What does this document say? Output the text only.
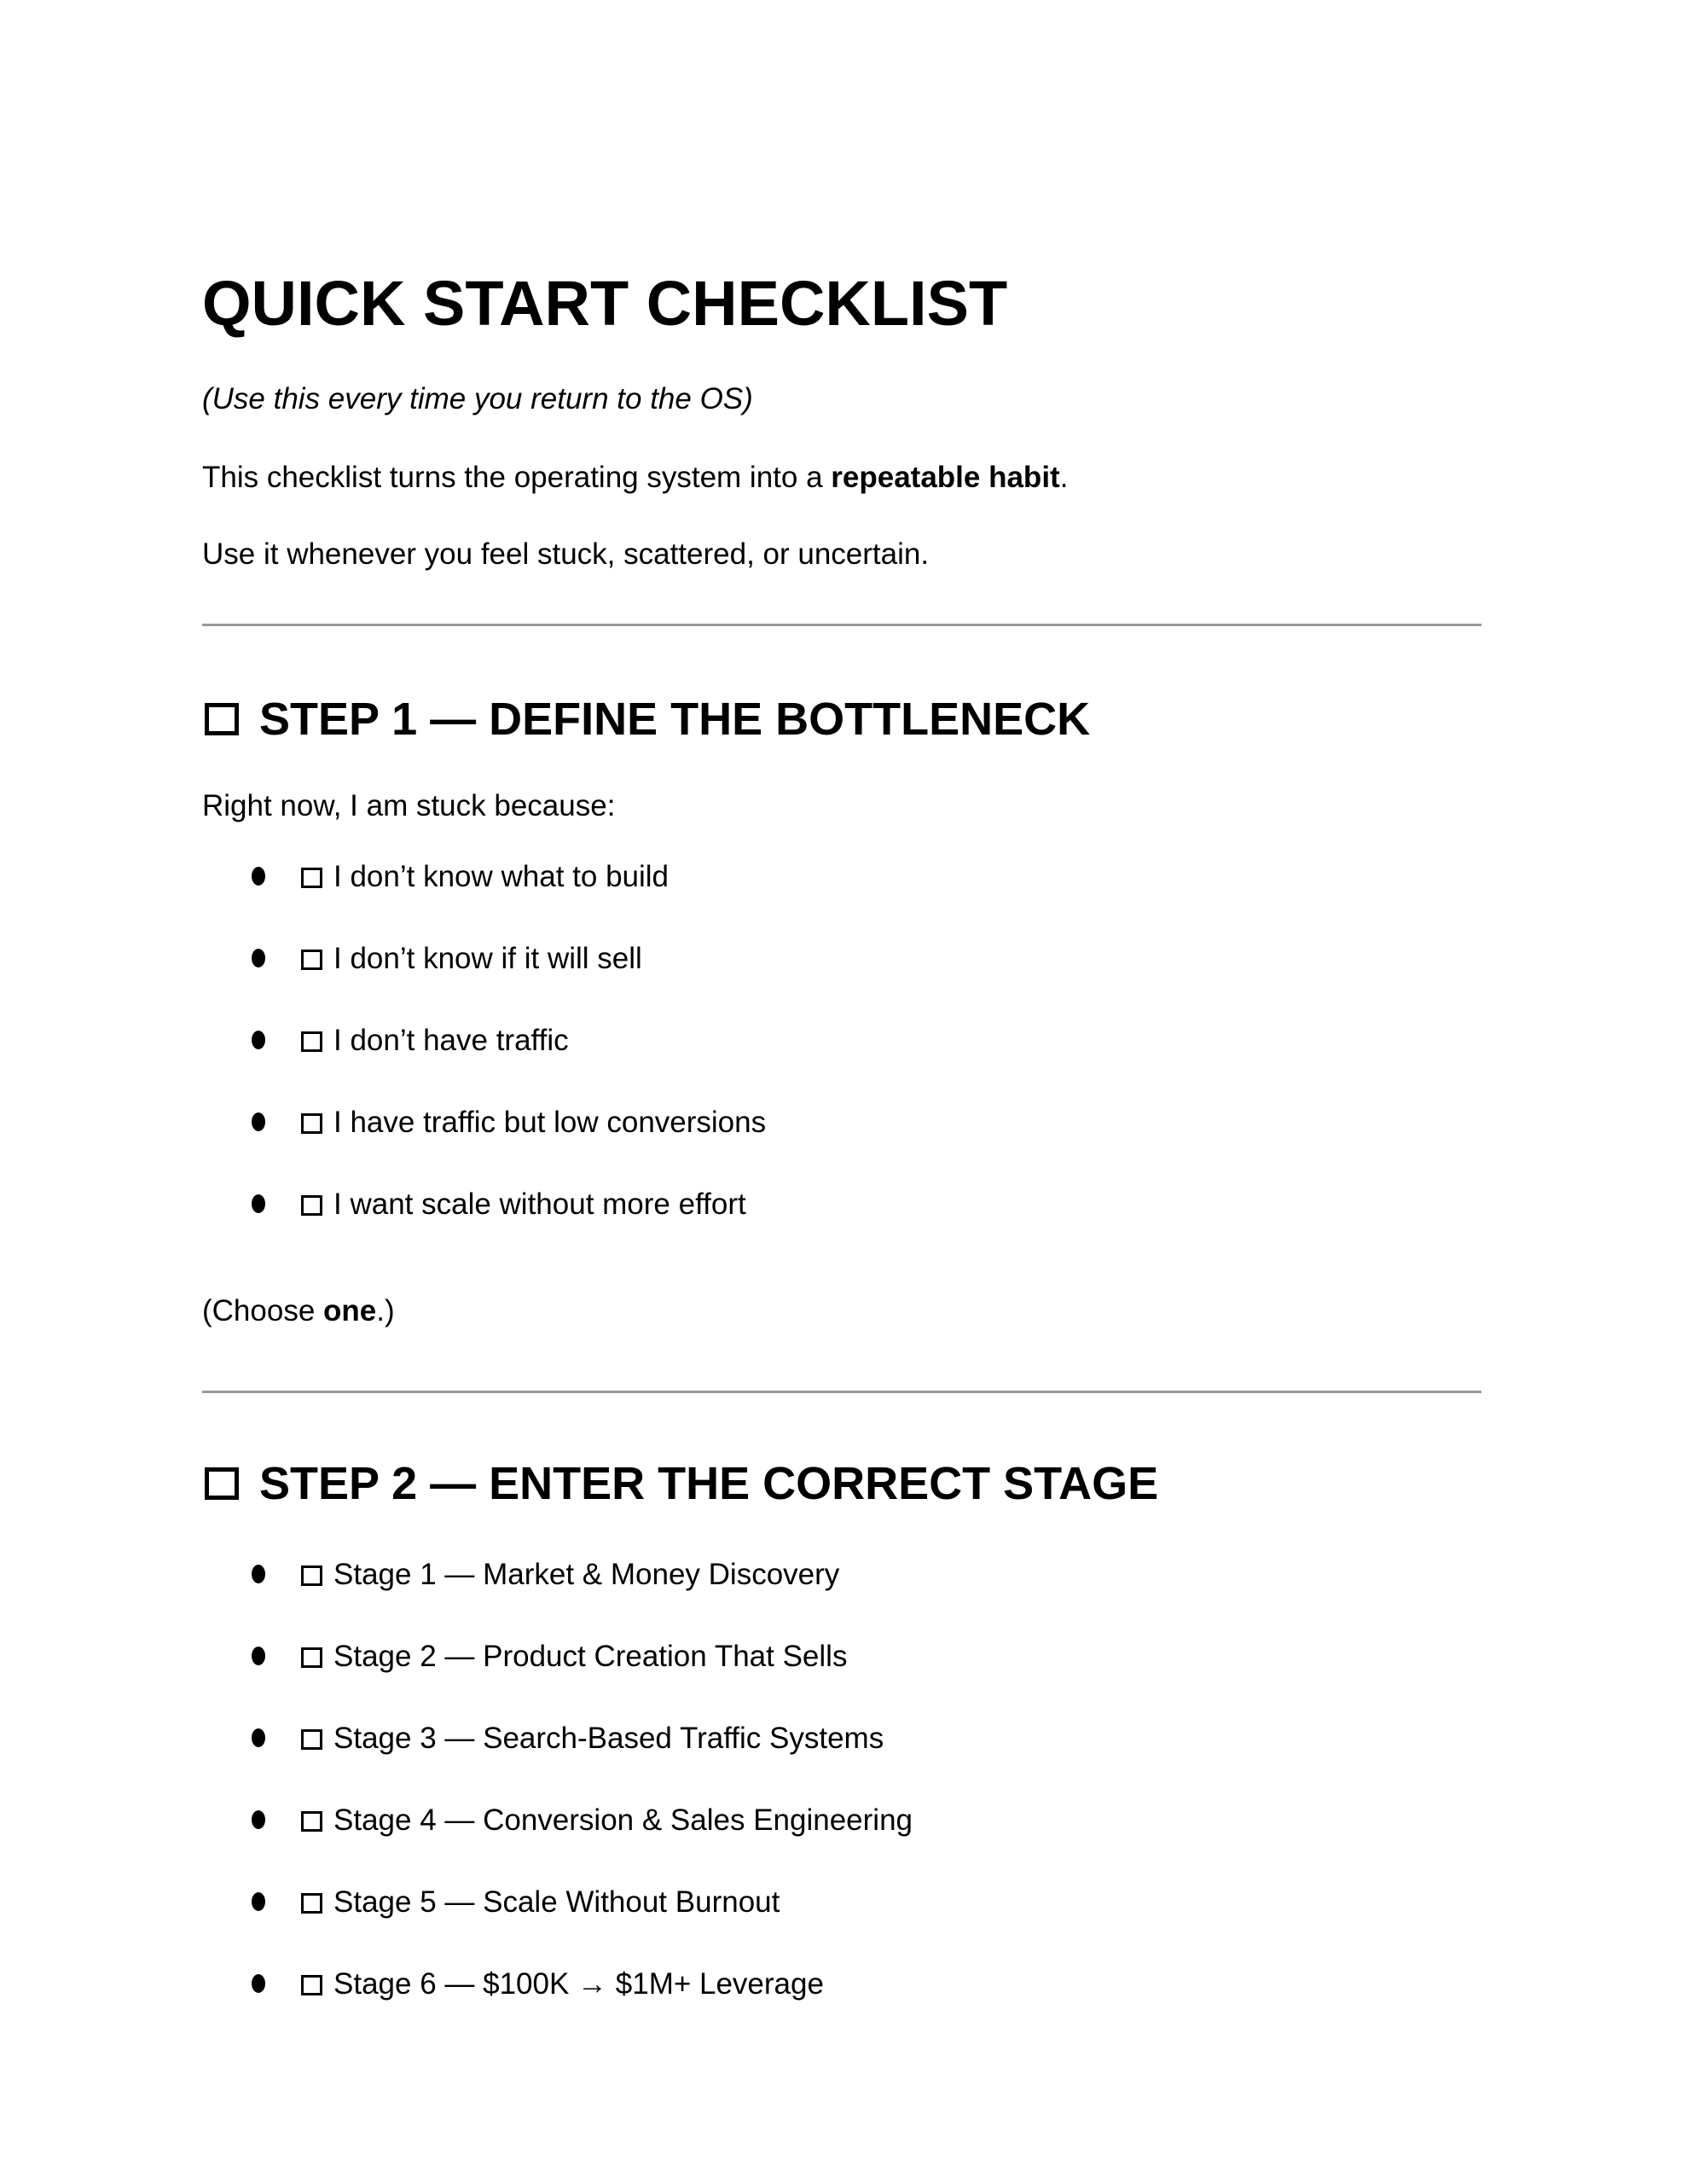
QUICK START CHECKLIST

(Use this every time you return to the OS)

This checklist turns the operating system into a repeatable habit.

Use it whenever you feel stuck, scattered, or uncertain.

STEP 1 — DEFINE THE BOTTLENECK

Right now, I am stuck because:

I don’t know what to build
I don’t know if it will sell
I don’t have traffic
I have traffic but low conversions
I want scale without more effort

(Choose one.)

STEP 2 — ENTER THE CORRECT STAGE
Stage 1 — Market & Money Discovery
Stage 2 — Product Creation That Sells
Stage 3 — Search-Based Traffic Systems
Stage 4 — Conversion & Sales Engineering
Stage 5 — Scale Without Burnout
Stage 6 — $100K → $1M+ Leverage
